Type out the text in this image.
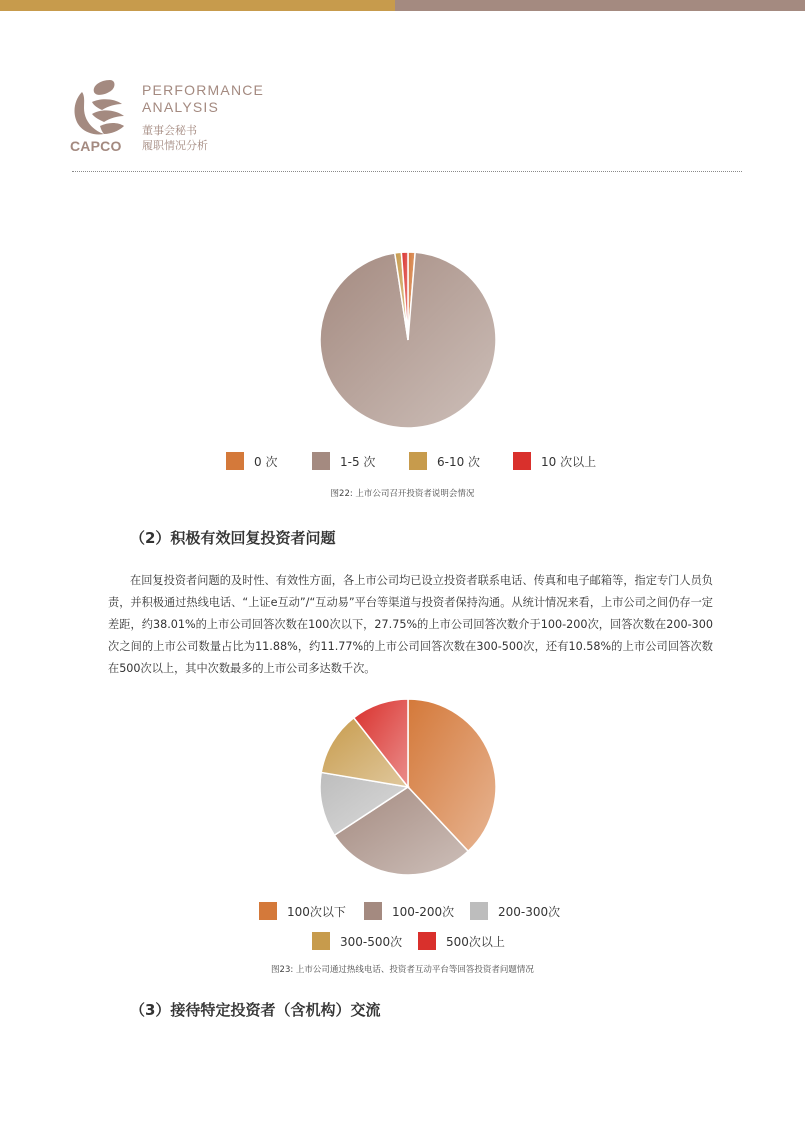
CAPCO
PERFORMANCE
ANALYSIS
董事会秘书
履职情况分析
0 次	1-5 次	6-10 次	10 次以上
图22: 上市公司召开投资者说明会情况
（2）积极有效回复投资者问题
在回复投资者问题的及时性、有效性方面，各上市公司均已设立投资者联系电话、传真和电子邮箱等，指定专门人员负责，并积极通过热线电话、“上证e互动”/“互动易”平台等渠道与投资者保持沟通。从统计情况来看，上市公司之间仍存一定差距，约38.01%的上市公司回答次数在100次以下，27.75%的上市公司回答次数介于100-200次，回答次数在200-300次之间的上市公司数量占比为11.88%，约11.77%的上市公司回答次数在300-500次，还有10.58%的上市公司回答次数在500次以上，其中次数最多的上市公司多达数千次。
100次以下	100-200次	200-300次
300-500次	500次以上
图23: 上市公司通过热线电话、投资者互动平台等回答投资者问题情况
（3）接待特定投资者（含机构）交流
